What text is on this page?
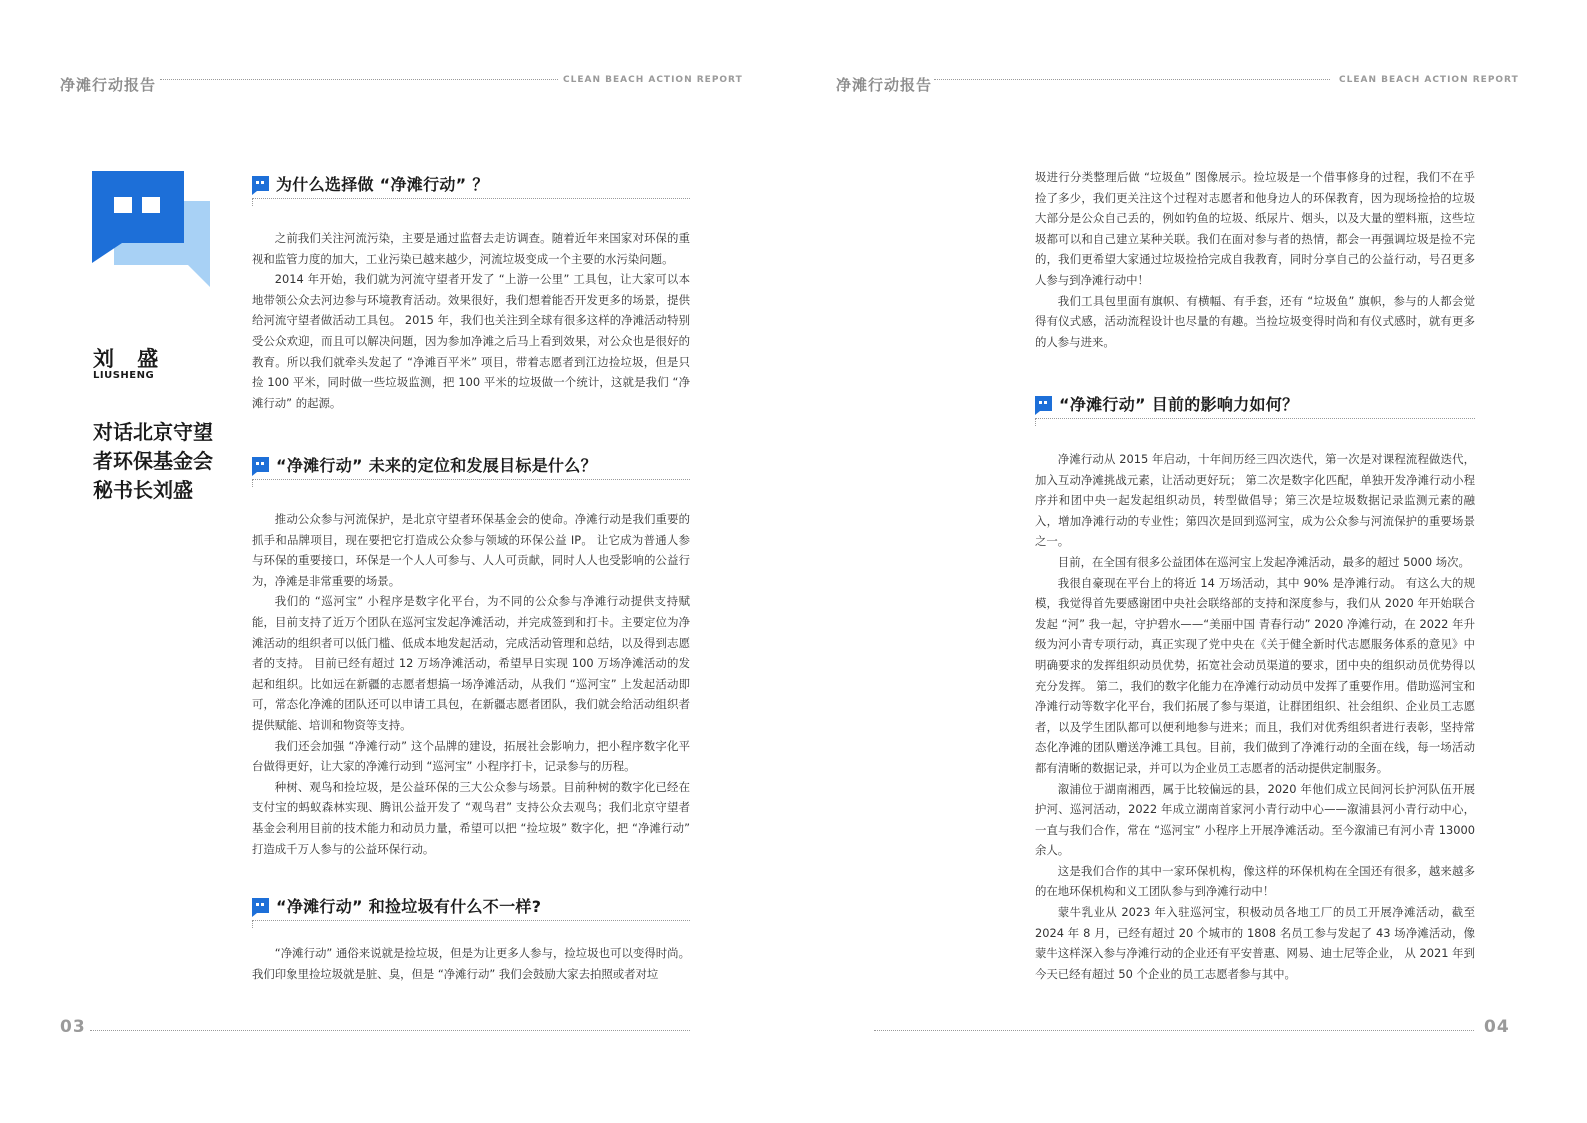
净滩行动报告	CLEAN BEACH ACTION REPORT
刘 盛
LIUSHENG
对话北京守望
者环保基金会
秘书长刘盛
为什么选择做 “净滩行动” ？

之前我们关注河流污染，主要是通过监督去走访调查。随着近年来国家对环保的重视和监管力度的加大，工业污染已越来越少，河流垃圾变成一个主要的水污染问题。

2014 年开始，我们就为河流守望者开发了 “上游一公里” 工具包，让大家可以本地带领公众去河边参与环境教育活动。效果很好，我们想着能否开发更多的场景，提供给河流守望者做活动工具包。 2015 年，我们也关注到全球有很多这样的净滩活动特别受公众欢迎，而且可以解决问题，因为参加净滩之后马上看到效果，对公众也是很好的教育。所以我们就牵头发起了 “净滩百平米” 项目，带着志愿者到江边捡垃圾，但是只捡 100 平米，同时做一些垃圾监测，把 100 平米的垃圾做一个统计，这就是我们 “净滩行动” 的起源。

“净滩行动” 未来的定位和发展目标是什么？

推动公众参与河流保护，是北京守望者环保基金会的使命。净滩行动是我们重要的抓手和品牌项目，现在要把它打造成公众参与领域的环保公益 IP。 让它成为普通人参与环保的重要接口，环保是一个人人可参与、人人可贡献，同时人人也受影响的公益行为，净滩是非常重要的场景。

我们的 “巡河宝” 小程序是数字化平台，为不同的公众参与净滩行动提供支持赋能，目前支持了近万个团队在巡河宝发起净滩活动，并完成签到和打卡。主要定位为净滩活动的组织者可以低门槛、低成本地发起活动，完成活动管理和总结，以及得到志愿者的支持。 目前已经有超过 12 万场净滩活动，希望早日实现 100 万场净滩活动的发起和组织。比如远在新疆的志愿者想搞一场净滩活动，从我们 “巡河宝” 上发起活动即可，常态化净滩的团队还可以申请工具包，在新疆志愿者团队，我们就会给活动组织者提供赋能、培训和物资等支持。

我们还会加强 “净滩行动” 这个品牌的建设，拓展社会影响力，把小程序数字化平台做得更好，让大家的净滩行动到 “巡河宝” 小程序打卡，记录参与的历程。

种树、观鸟和捡垃圾，是公益环保的三大公众参与场景。目前种树的数字化已经在支付宝的蚂蚁森林实现、腾讯公益开发了 “观鸟君” 支持公众去观鸟；我们北京守望者基金会利用目前的技术能力和动员力量，希望可以把 “捡垃圾” 数字化，把 “净滩行动” 打造成千万人参与的公益环保行动。

“净滩行动” 和捡垃圾有什么不一样?

“净滩行动” 通俗来说就是捡垃圾，但是为让更多人参与，捡垃圾也可以变得时尚。我们印象里捡垃圾就是脏、臭，但是 “净滩行动” 我们会鼓励大家去拍照或者对垃

03
净滩行动报告	CLEAN BEACH ACTION REPORT

圾进行分类整理后做 “垃圾鱼” 图像展示。捡垃圾是一个借事修身的过程，我们不在乎捡了多少，我们更关注这个过程对志愿者和他身边人的环保教育，因为现场捡拾的垃圾大部分是公众自己丢的，例如钓鱼的垃圾、纸尿片、烟头，以及大量的塑料瓶，这些垃圾都可以和自己建立某种关联。我们在面对参与者的热情，都会一再强调垃圾是捡不完的，我们更希望大家通过垃圾捡拾完成自我教育，同时分享自己的公益行动，号召更多人参与到净滩行动中！

我们工具包里面有旗帜、有横幅、有手套，还有 “垃圾鱼” 旗帜，参与的人都会觉得有仪式感，活动流程设计也尽量的有趣。当捡垃圾变得时尚和有仪式感时，就有更多的人参与进来。

“净滩行动” 目前的影响力如何？

净滩行动从 2015 年启动，十年间历经三四次迭代，第一次是对课程流程做迭代，加入互动净滩挑战元素，让活动更好玩； 第二次是数字化匹配，单独开发净滩行动小程序并和团中央一起发起组织动员，转型做倡导；第三次是垃圾数据记录监测元素的融入，增加净滩行动的专业性；第四次是回到巡河宝，成为公众参与河流保护的重要场景之一。

目前，在全国有很多公益团体在巡河宝上发起净滩活动，最多的超过 5000 场次。

我很自豪现在平台上的将近 14 万场活动，其中 90% 是净滩行动。 有这么大的规模，我觉得首先要感谢团中央社会联络部的支持和深度参与，我们从 2020 年开始联合发起 “河” 我一起，守护碧水——“美丽中国 青春行动” 2020 净滩行动，在 2022 年升级为河小青专项行动，真正实现了党中央在《关于健全新时代志愿服务体系的意见》中明确要求的发挥组织动员优势，拓宽社会动员渠道的要求，团中央的组织动员优势得以充分发挥。 第二，我们的数字化能力在净滩行动动员中发挥了重要作用。借助巡河宝和净滩行动等数字化平台，我们拓展了参与渠道，让群团组织、社会组织、企业员工志愿者，以及学生团队都可以便利地参与进来；而且，我们对优秀组织者进行表彰，坚持常态化净滩的团队赠送净滩工具包。目前，我们做到了净滩行动的全面在线，每一场活动都有清晰的数据记录，并可以为企业员工志愿者的活动提供定制服务。

溆浦位于湖南湘西，属于比较偏远的县，2020 年他们成立民间河长护河队伍开展护河、巡河活动，2022 年成立湖南首家河小青行动中心——溆浦县河小青行动中心，一直与我们合作，常在 “巡河宝” 小程序上开展净滩活动。至今溆浦已有河小青 13000 余人。

这是我们合作的其中一家环保机构，像这样的环保机构在全国还有很多，越来越多的在地环保机构和义工团队参与到净滩行动中！

蒙牛乳业从 2023 年入驻巡河宝，积极动员各地工厂的员工开展净滩活动，截至 2024 年 8 月，已经有超过 20 个城市的 1808 名员工参与发起了 43 场净滩活动，像蒙牛这样深入参与净滩行动的企业还有平安普惠、网易、迪士尼等企业， 从 2021 年到今天已经有超过 50 个企业的员工志愿者参与其中。

04
